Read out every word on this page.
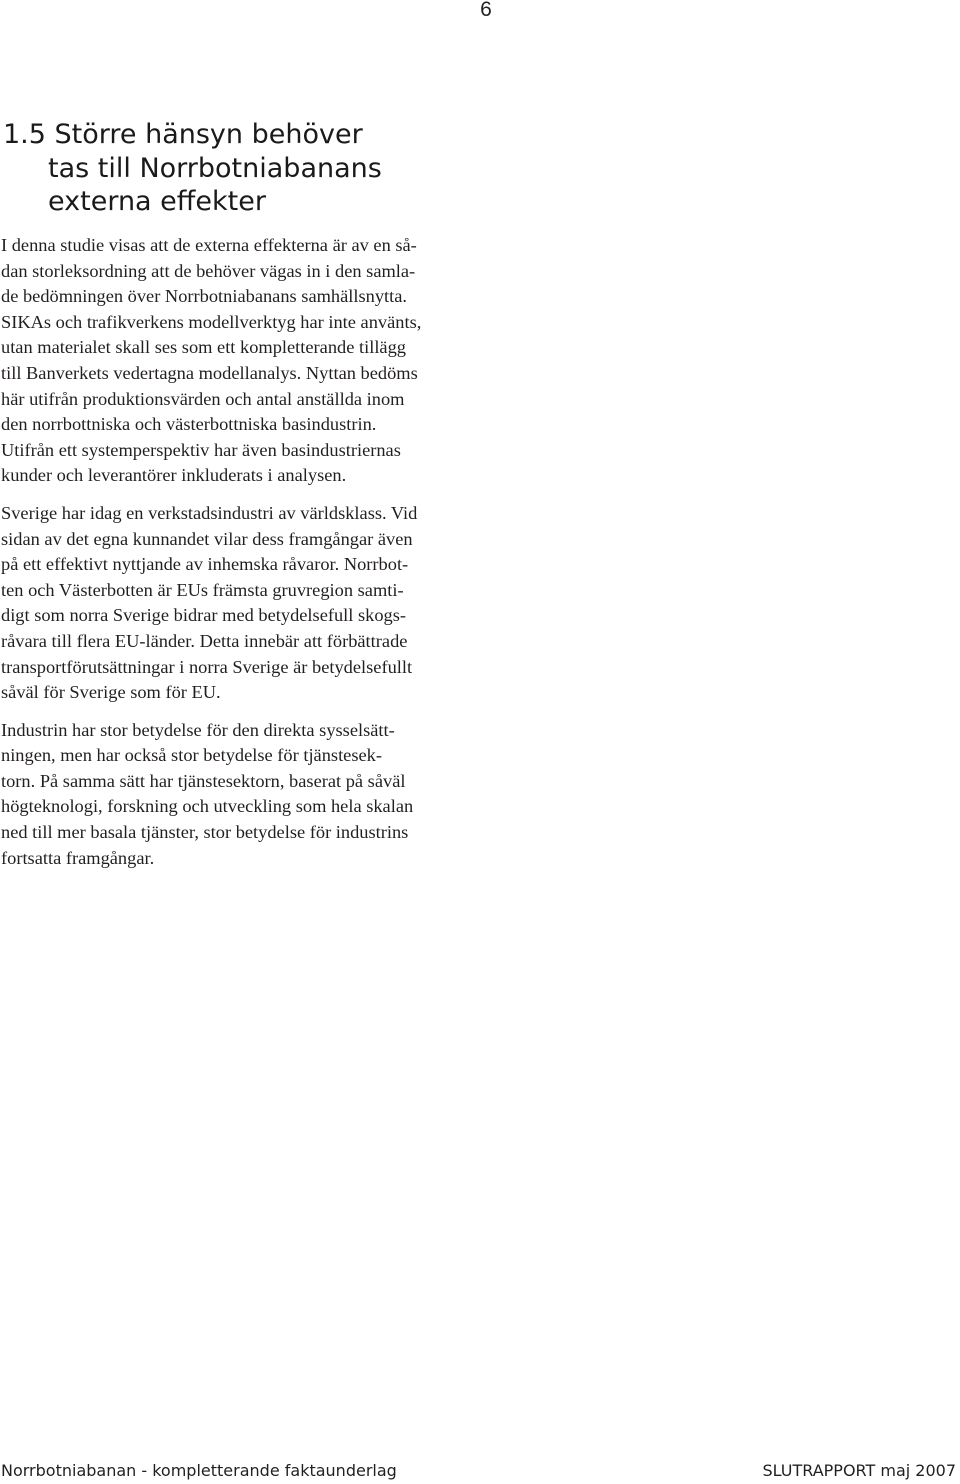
6
1.5 Större hänsyn behöver
tas till Norrbotniabanans
externa effekter

I denna studie visas att de externa effekterna är av en så-
dan storleksordning att de behöver vägas in i den samla-
de bedömningen över Norrbotniabanans samhällsnytta.
SIKAs och trafikverkens modellverktyg har inte använts,
utan materialet skall ses som ett kompletterande tillägg
till Banverkets vedertagna modellanalys. Nyttan bedöms
här utifrån produktionsvärden och antal anställda inom
den norrbottniska och västerbottniska basindustrin.
Utifrån ett systemperspektiv har även basindustriernas
kunder och leverantörer inkluderats i analysen.

Sverige har idag en verkstadsindustri av världsklass. Vid
sidan av det egna kunnandet vilar dess framgångar även
på ett effektivt nyttjande av inhemska råvaror. Norrbot-
ten och Västerbotten är EUs främsta gruvregion samti-
digt som norra Sverige bidrar med betydelsefull skogs-
råvara till flera EU-länder. Detta innebär att förbättrade
transportförutsättningar i norra Sverige är betydelsefullt
såväl för Sverige som för EU.

Industrin har stor betydelse för den direkta sysselsätt-
ningen, men har också stor betydelse för tjänstesek-
torn. På samma sätt har tjänstesektorn, baserat på såväl
högteknologi, forskning och utveckling som hela skalan
ned till mer basala tjänster, stor betydelse för industrins
fortsatta framgångar.

Norrbotniabanan - kompletterande faktaunderlag	SLUTRAPPORT maj 2007
